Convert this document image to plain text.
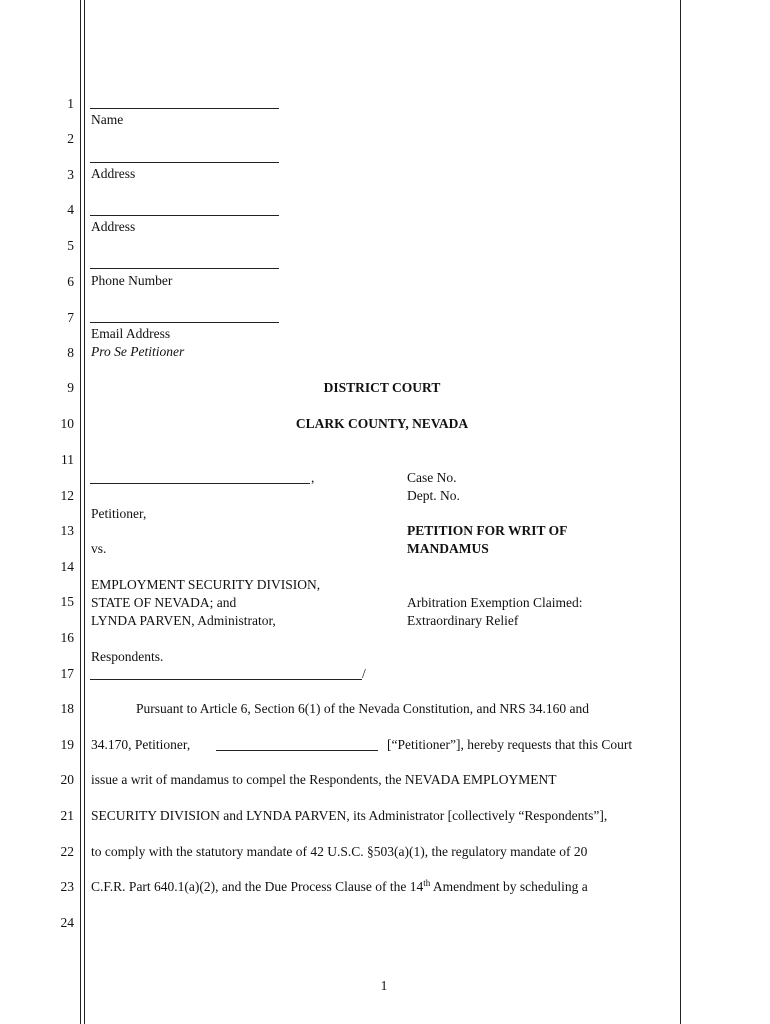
1
2
3
4
5
6
7
8
9
10
11
12
13
14
15
16
17
18
19
20
21
22
23
24
Name
Address
Address
Phone Number
Email Address
Pro Se Petitioner
DISTRICT COURT
CLARK COUNTY, NEVADA
,
Petitioner,
vs.
EMPLOYMENT SECURITY DIVISION,
STATE OF NEVADA; and
LYNDA PARVEN, Administrator,
Respondents.
/
Case No.
Dept. No.
PETITION FOR WRIT OF
MANDAMUS
Arbitration Exemption Claimed:
Extraordinary Relief
Pursuant to Article 6, Section 6(1) of the Nevada Constitution, and NRS 34.160 and
34.170, Petitioner,	[“Petitioner”], hereby requests that this Court
issue a writ of mandamus to compel the Respondents, the NEVADA EMPLOYMENT
SECURITY DIVISION and LYNDA PARVEN, its Administrator [collectively “Respondents”],
to comply with the statutory mandate of 42 U.S.C. §503(a)(1), the regulatory mandate of 20
C.F.R. Part 640.1(a)(2), and the Due Process Clause of the 14th Amendment by scheduling a
1
